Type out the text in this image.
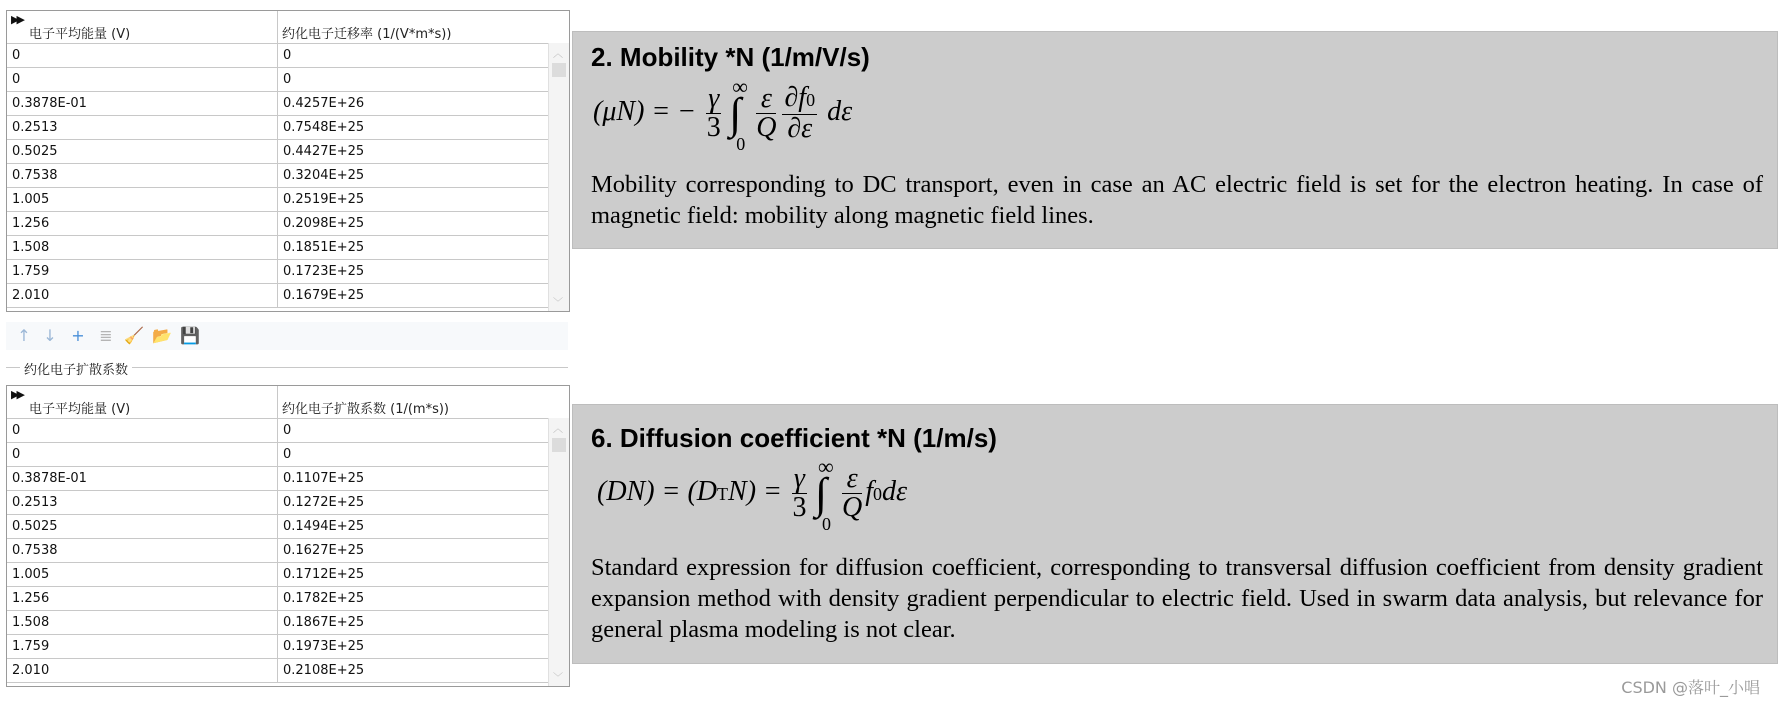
▶▶
电子平均能量 (V)	约化电子迁移率 (1/(V*m*s))
0	0
0	0
0.3878E-01	0.4257E+26
0.2513	0.7548E+25
0.5025	0.4427E+25
0.7538	0.3204E+25
1.005	0.2519E+25
1.256	0.2098E+25
1.508	0.1851E+25
1.759	0.1723E+25
2.010	0.1679E+25
︿
﹀
↑ ↓ + ≣ 🧹 📂 💾
约化电子扩散系数
▶▶
电子平均能量 (V)	约化电子扩散系数 (1/(m*s))
0	0
0	0
0.3878E-01	0.1107E+25
0.2513	0.1272E+25
0.5025	0.1494E+25
0.7538	0.1627E+25
1.005	0.1712E+25
1.256	0.1782E+25
1.508	0.1867E+25
1.759	0.1973E+25
2.010	0.2108E+25
︿
﹀
2. Mobility *N (1/m/V/s)
(μN) = − $\frac{\gamma}{3}$ ∫
∞
0

$\frac{\varepsilon}{Q} \frac{\partial f0}{\partial\varepsilon}$ dε
Mobility corresponding to DC transport, even in case an AC electric field is set for the electron heating. In case of magnetic field: mobility along magnetic field lines.
6. Diffusion coefficient *N (1/m/s)
$(DN) = (DTN) = \frac{\gamma}{3}$ ∫
∞
0

$\frac{\varepsilon}{Q} f0d\varepsilon$
Standard expression for diffusion coefficient, corresponding to transversal diffusion coefficient from density gradient expansion method with density gradient perpendicular to electric field. Used in swarm data analysis, but relevance for general plasma modeling is not clear.
CSDN @落叶_小唱
